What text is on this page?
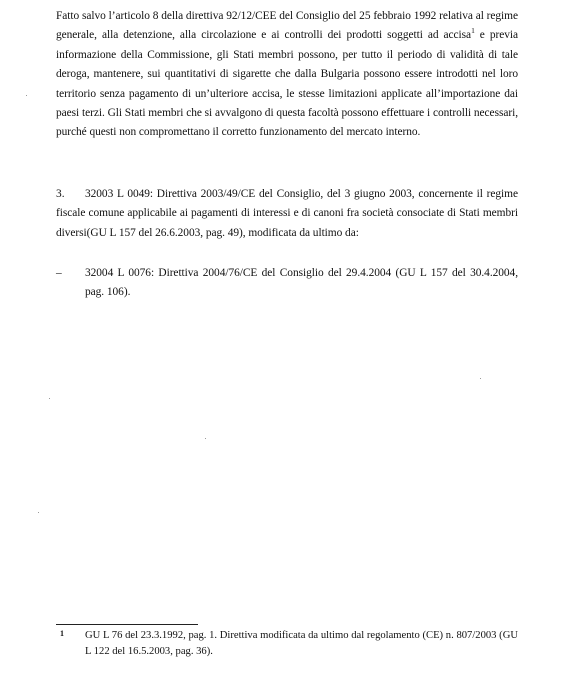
Fatto salvo l’articolo 8 della direttiva 92/12/CEE del Consiglio del 25 febbraio 1992 relativa al regime generale, alla detenzione, alla circolazione e ai controlli dei prodotti soggetti ad accisa$^1$ e previa informazione della Commissione, gli Stati membri possono, per tutto il periodo di validità di tale deroga, mantenere, sui quantitativi di sigarette che dalla Bulgaria possono essere introdotti nel loro territorio senza pagamento di un’ulteriore accisa, le stesse limitazioni applicate all’importazione dai paesi terzi. Gli Stati membri che si avvalgono di questa facoltà possono effettuare i controlli necessari, purché questi non compromettano il corretto funzionamento del mercato interno.

3.	32003 L 0049: Direttiva 2003/49/CE del Consiglio, del 3 giugno 2003, concernente il regime fiscale comune applicabile ai pagamenti di interessi e di canoni fra società consociate di Stati membri diversi(GU L 157 del 26.6.2003, pag. 49), modificata da ultimo da:

– 32004 L 0076: Direttiva 2004/76/CE del Consiglio del 29.4.2004 (GU L 157 del 30.4.2004, pag. 106).

1 GU L 76 del 23.3.1992, pag. 1. Direttiva modificata da ultimo dal regolamento (CE) n. 807/2003 (GU L 122 del 16.5.2003, pag. 36).
